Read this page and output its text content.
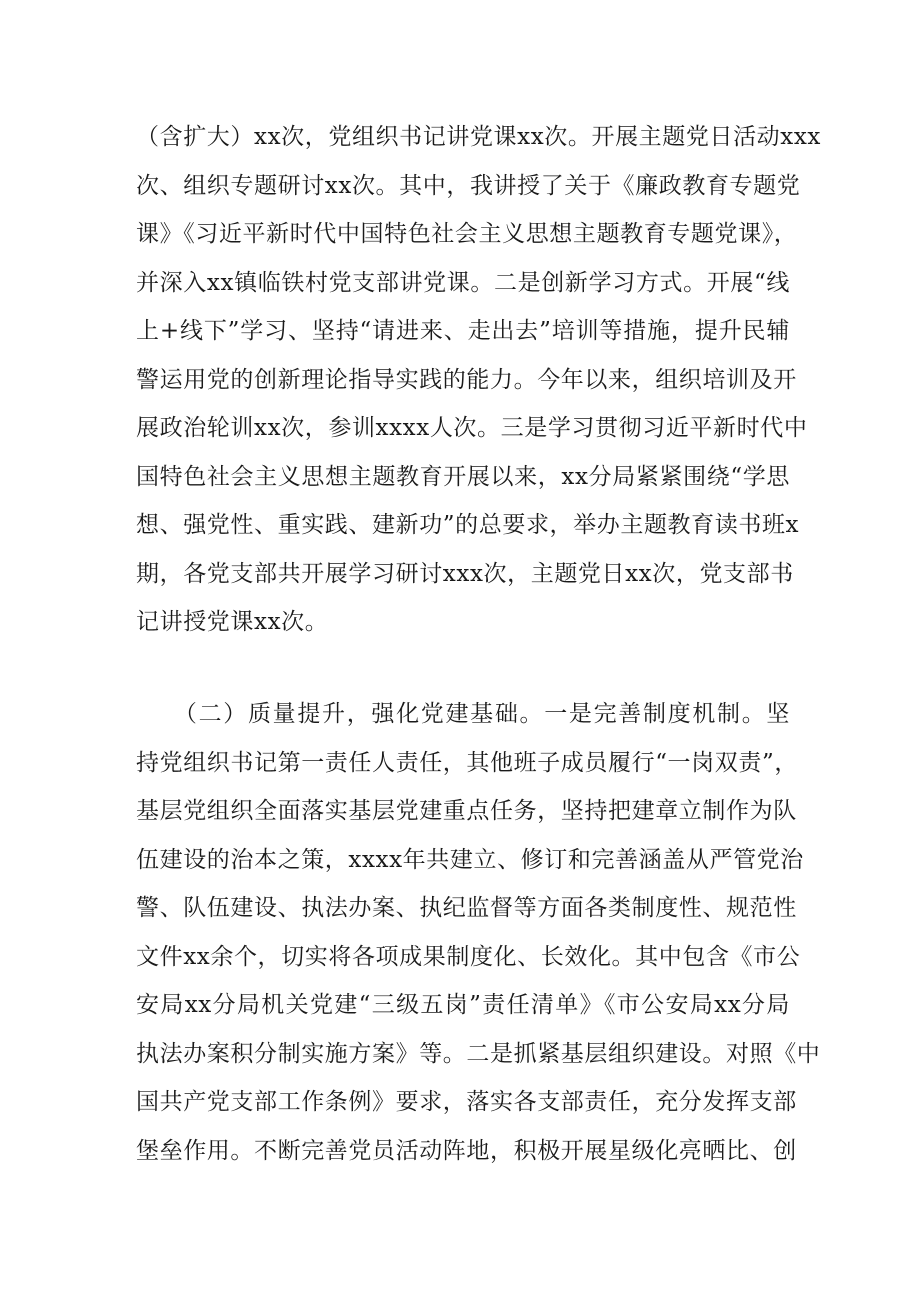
（含扩大）xx次，党组织书记讲党课xx次。开展主题党日活动xxx
次、组织专题研讨xx次。其中，我讲授了关于《廉政教育专题党
课》《习近平新时代中国特色社会主义思想主题教育专题党课》，
并深入xx镇临铁村党支部讲党课。二是创新学习方式。开展“线
上+线下”学习、坚持“请进来、走出去”培训等措施，提升民辅
警运用党的创新理论指导实践的能力。今年以来，组织培训及开
展政治轮训xx次，参训xxxx人次。三是学习贯彻习近平新时代中
国特色社会主义思想主题教育开展以来，xx分局紧紧围绕“学思
想、强党性、重实践、建新功”的总要求，举办主题教育读书班x
期，各党支部共开展学习研讨xxx次，主题党日xx次，党支部书
记讲授党课xx次。
　　（二）质量提升，强化党建基础。一是完善制度机制。坚
持党组织书记第一责任人责任，其他班子成员履行“一岗双责”，
基层党组织全面落实基层党建重点任务，坚持把建章立制作为队
伍建设的治本之策，xxxx年共建立、修订和完善涵盖从严管党治
警、队伍建设、执法办案、执纪监督等方面各类制度性、规范性
文件xx余个，切实将各项成果制度化、长效化。其中包含《市公
安局xx分局机关党建“三级五岗”责任清单》《市公安局xx分局
执法办案积分制实施方案》等。二是抓紧基层组织建设。对照《中
国共产党支部工作条例》要求，落实各支部责任，充分发挥支部
堡垒作用。不断完善党员活动阵地，积极开展星级化亮晒比、创
